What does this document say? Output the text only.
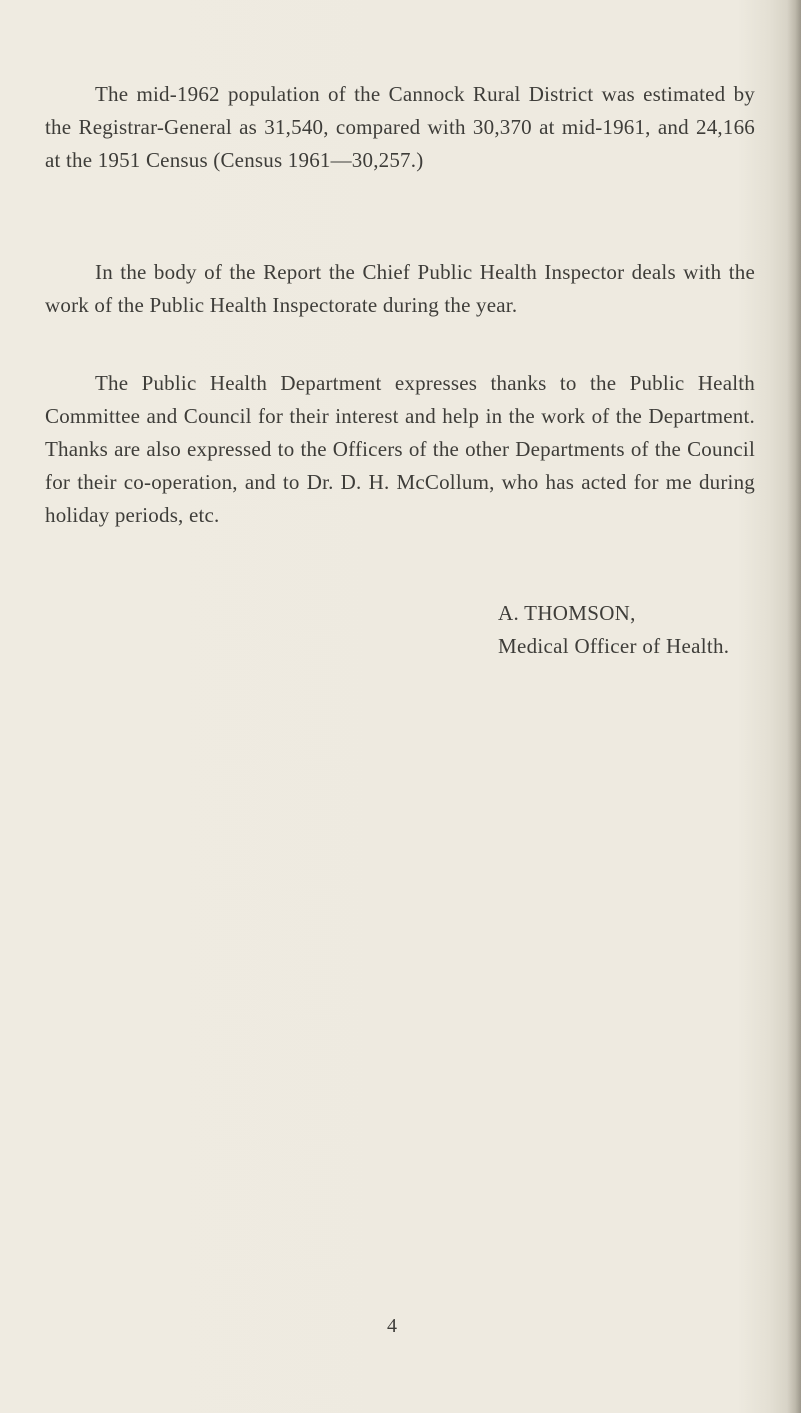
The mid-1962 population of the Cannock Rural District was estimated by the Registrar-General as 31,540, compared with 30,370 at mid-1961, and 24,166 at the 1951 Census (Census 1961—30,257.)

In the body of the Report the Chief Public Health Inspector deals with the work of the Public Health Inspectorate during the year.

The Public Health Department expresses thanks to the Public Health Committee and Council for their interest and help in the work of the Department. Thanks are also expressed to the Officers of the other Departments of the Council for their co-operation, and to Dr. D. H. McCollum, who has acted for me during holiday periods, etc.

A. THOMSON,

Medical Officer of Health.

4
